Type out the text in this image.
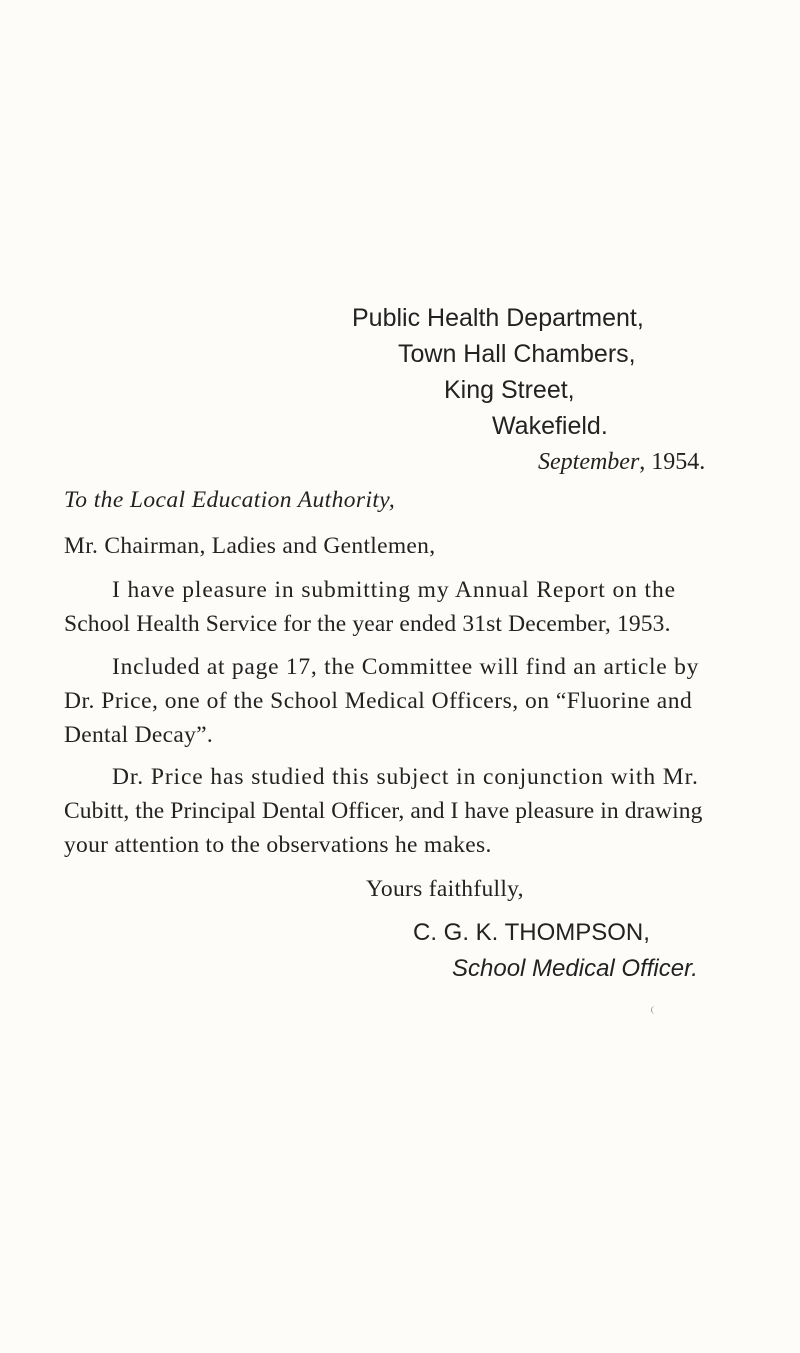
Public Health Department,
Town Hall Chambers,
King Street,
Wakefield.
September, 1954.
To the Local Education Authority,
Mr. Chairman, Ladies and Gentlemen,
I have pleasure in submitting my Annual Report on the
School Health Service for the year ended 31st December, 1953.
Included at page 17, the Committee will find an article by
Dr. Price, one of the School Medical Officers, on “Fluorine and
Dental Decay”.
Dr. Price has studied this subject in conjunction with Mr.
Cubitt, the Principal Dental Officer, and I have pleasure in drawing
your attention to the observations he makes.
Yours faithfully,
C. G. K. THOMPSON,
School Medical Officer.
